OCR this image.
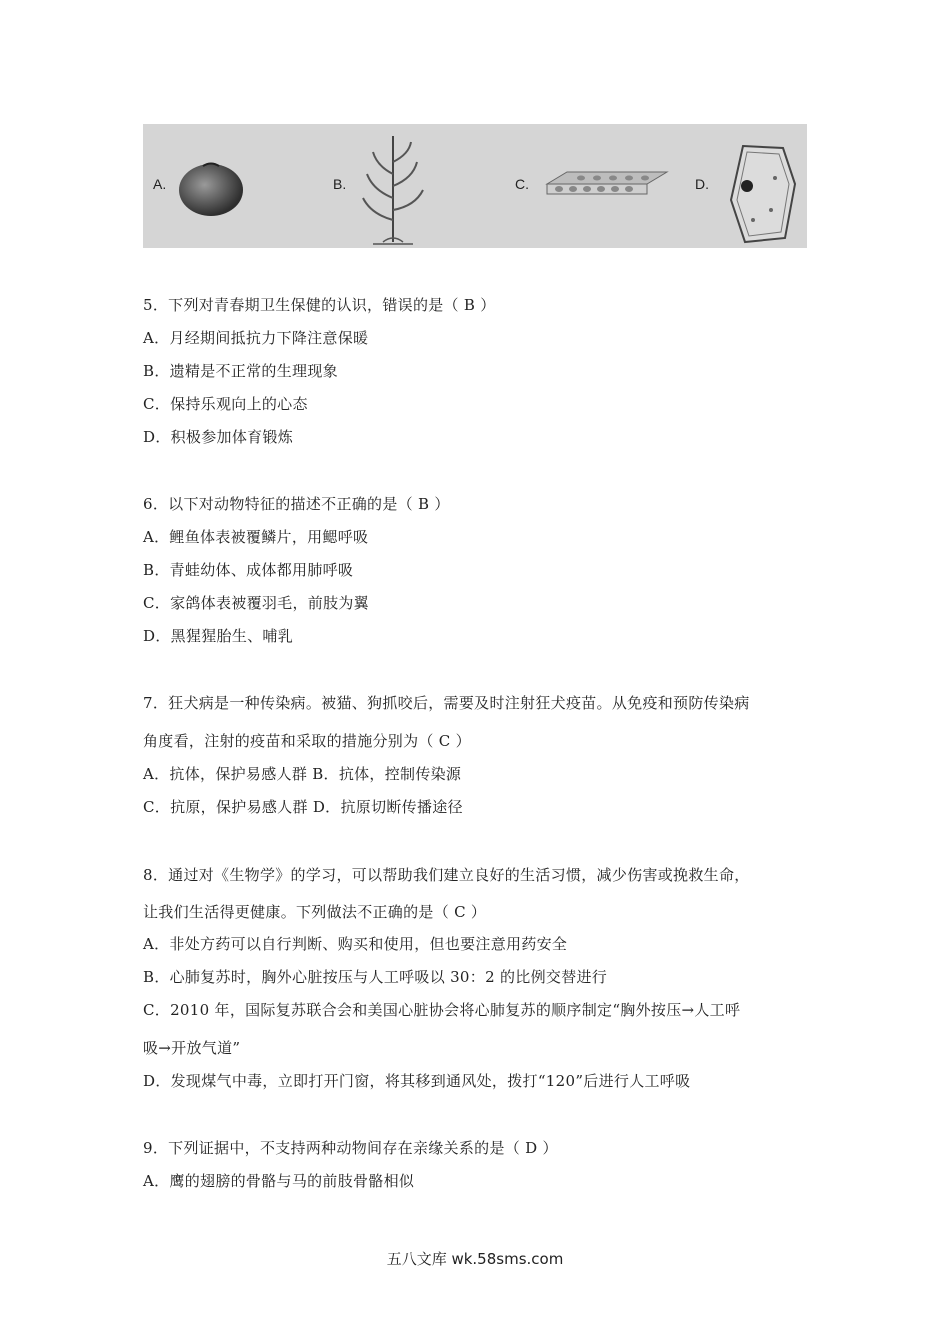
A.	B.	C.	D.
5．下列对青春期卫生保健的认识，错误的是（ B ）
A．月经期间抵抗力下降注意保暖
B．遗精是不正常的生理现象
C．保持乐观向上的心态
D．积极参加体育锻炼
6．以下对动物特征的描述不正确的是（ B ）
A．鲤鱼体表被覆鳞片，用鳃呼吸
B．青蛙幼体、成体都用肺呼吸
C．家鸽体表被覆羽毛，前肢为翼
D．黑猩猩胎生、哺乳
7．狂犬病是一种传染病。被猫、狗抓咬后，需要及时注射狂犬疫苗。从免疫和预防传染病
角度看，注射的疫苗和采取的措施分别为（ C ）
A．抗体，保护易感人群 B．抗体，控制传染源
C．抗原，保护易感人群 D．抗原切断传播途径
8．通过对《生物学》的学习，可以帮助我们建立良好的生活习惯，减少伤害或挽救生命，
让我们生活得更健康。下列做法不正确的是（ C ）
A．非处方药可以自行判断、购买和使用，但也要注意用药安全
B．心肺复苏时，胸外心脏按压与人工呼吸以 30：2 的比例交替进行
C．2010 年，国际复苏联合会和美国心脏协会将心肺复苏的顺序制定“胸外按压→人工呼
吸→开放气道”
D．发现煤气中毒，立即打开门窗，将其移到通风处，拨打“120”后进行人工呼吸
9．下列证据中，不支持两种动物间存在亲缘关系的是（ D ）
A．鹰的翅膀的骨骼与马的前肢骨骼相似
五八文库 wk.58sms.com
